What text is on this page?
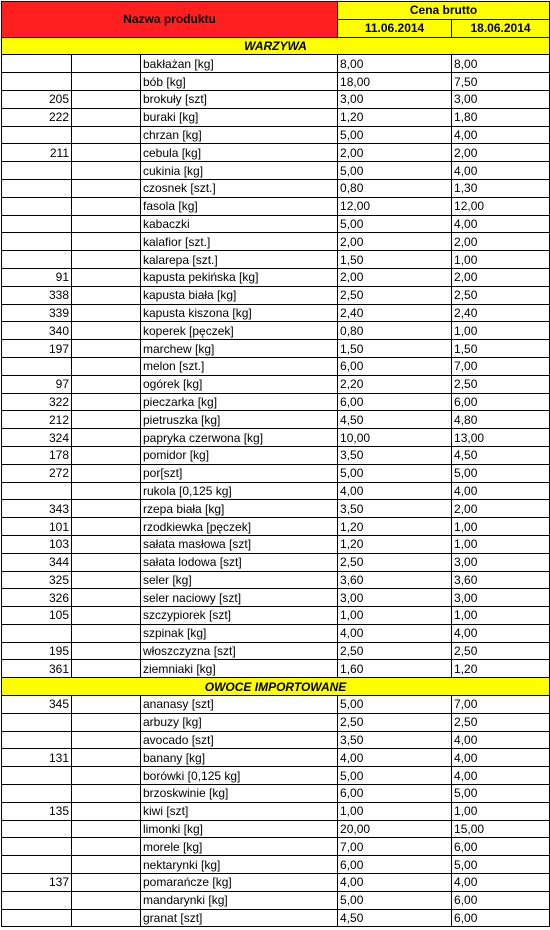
Nazwa produktu			Cena brutto	
			11.06.2014	18.06.2014
WARZYWA				
		bakłażan [kg]	8,00	8,00
		bób [kg]	18,00	7,50
205		brokuły [szt]	3,00	3,00
222		buraki [kg]	1,20	1,80
		chrzan [kg]	5,00	4,00
211		cebula [kg]	2,00	2,00
		cukinia [kg]	5,00	4,00
		czosnek [szt.]	0,80	1,30
		fasola [kg]	12,00	12,00
		kabaczki	5,00	4,00
		kalafior [szt.]	2,00	2,00
		kalarepa [szt.]	1,50	1,00
91		kapusta pekińska [kg]	2,00	2,00
338		kapusta biała [kg]	2,50	2,50
339		kapusta kiszona [kg]	2,40	2,40
340		koperek [pęczek]	0,80	1,00
197		marchew [kg]	1,50	1,50
		melon [szt.]	6,00	7,00
97		ogórek [kg]	2,20	2,50
322		pieczarka [kg]	6,00	6,00
212		pietruszka [kg]	4,50	4,80
324		papryka czerwona [kg]	10,00	13,00
178		pomidor [kg]	3,50	4,50
272		por[szt]	5,00	5,00
		rukola [0,125 kg]	4,00	4,00
343		rzepa biała [kg]	3,50	2,00
101		rzodkiewka [pęczek]	1,20	1,00
103		sałata masłowa [szt]	1,20	1,00
344		sałata lodowa [szt]	2,50	3,00
325		seler [kg]	3,60	3,60
326		seler naciowy [szt]	3,00	3,00
105		szczypiorek [szt]	1,00	1,00
		szpinak [kg]	4,00	4,00
195		włoszczyzna [szt]	2,50	2,50
361		ziemniaki [kg]	1,60	1,20
OWOCE IMPORTOWANE				
345		ananasy [szt]	5,00	7,00
		arbuzy [kg]	2,50	2,50
		avocado [szt]	3,50	4,00
131		banany [kg]	4,00	4,00
		borówki [0,125 kg]	5,00	4,00
		brzoskwinie [kg]	6,00	5,00
135		kiwi [szt]	1,00	1,00
		limonki [kg]	20,00	15,00
		morele [kg]	7,00	6,00
		nektarynki [kg]	6,00	5,00
137		pomarańcze [kg]	4,00	4,00
		mandarynki [kg]	5,00	6,00
		granat [szt]	4,50	6,00
